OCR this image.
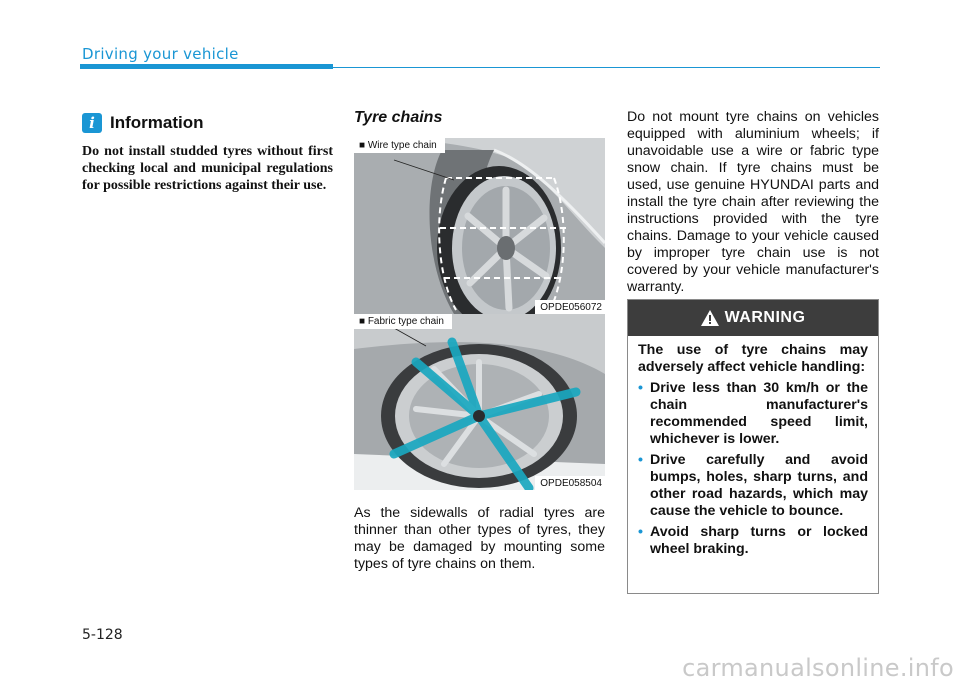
Driving your vehicle
i Information
Do not install studded tyres without first checking local and municipal regulations for possible restrictions against their use.
Tyre chains
■ Wire type chain
OPDE056072
■ Fabric type chain
OPDE058504
As the sidewalls of radial tyres are thinner than other types of tyres, they may be damaged by mounting some types of tyre chains on them.
Do not mount tyre chains on vehicles equipped with aluminium wheels; if unavoidable use a wire or fabric type snow chain. If tyre chains must be used, use genuine HYUNDAI parts and install the tyre chain after reviewing the instructions provided with the tyre chains. Damage to your vehicle caused by improper tyre chain use is not covered by your vehicle manufacturer's warranty.
WARNING
The use of tyre chains may adversely affect vehicle handling:
• Drive less than 30 km/h or the chain manufacturer's recommended speed limit, whichever is lower.
• Drive carefully and avoid bumps, holes, sharp turns, and other road hazards, which may cause the vehicle to bounce.
• Avoid sharp turns or locked wheel braking.
5-128
carmanualsonline.info
